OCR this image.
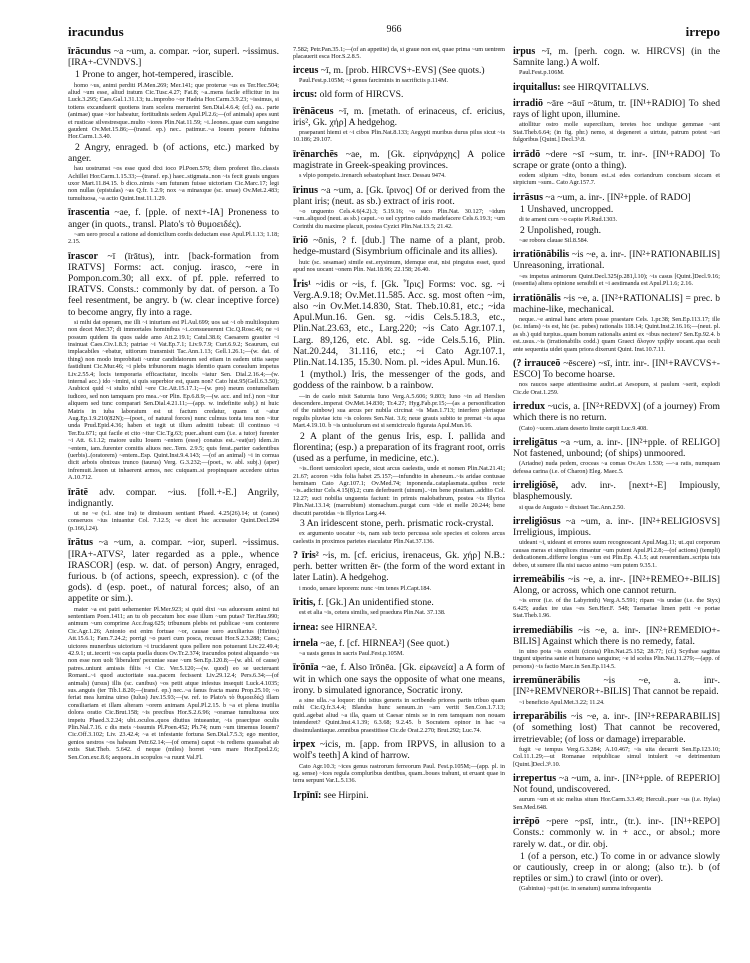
iracundus	966	irrepo
īrācundus ~a ~um, a. compar. ~ior, superl. ~issimus. [IRA+-CVNDVS.]
1 Prone to anger, hot-tempered, irascible.
homo ~us, animi perditi Pl.Men.269; Mer.141; que proterue ~us es Ter.Hec.504; aliud ~um esse, aliud iratum Cic.Tusc.4.27; Fat.8; ~a..mens facile efficitur in ira Luck.3.295; Caes.Gal.1.31.13; tu..improbo ~or Hadria Hor.Carm.3.9.23; ~issimus, si totiens excanduerit quotiens iram scelera meruerint Sen.Dial.4.6.4; (cf.) ea.. parte (animae) quae ~ior habeatur, fortitudinis sedem Apul.Pl.2.6;—(of animals) apes sunt et rusticae silvestresque..multo ~iores Plin.Nat.11.59; ~i..leones..quae cum sanguine gaudent Ov.Met.15.86;—(transf. ep.) nec.. patimur..~a Iouem ponere fulmina Hor.Carm.1.3.40.
2 Angry, enraged. b (of actions, etc.) marked by anger.
hau uostrumst ~os esse quod dixi ioco Pl.Poen.579; diem proferet Ilio..classis Achillei Hor.Carm.1.15.33;—(transf. ep.) haec..stigmata..non ~is fecit grauis ungues uxor Mart.11.84.15. b dico..nimis ~am futuram fuisse uictoriam Cic.Marc.17; legi non nullas (epistulas) ~as Q.fr. 1.2.9; nox ~a minaxque (sc. ursae) Ov.Met.2.483; tumultuosa, ~a actio Quint.Inst.11.1.29.
īrascentia ~ae, f. [pple. of next+-IA] Proneness to anger (in quots., transl. Plato's τὸ θυμοειδές).
~am uero procul a ratione ad domicilium cordis deductam esse Apul.Pl.1.13; 1.18; 2.15.
īrascor ~ī (īrātus), intr. [back-formation from IRATVS] Forms: act. conjug. irasco, ~ere in Pompon.com.30; all exx. of pf. pple. referred to IRATVS. Consts.: commonly by dat. of person. a To feel resentment, be angry. b (w. clear inceptive force) to become angry, fly into a rage.
si mihi dat operam, me illi ~i iniurium est Pl.Aul.699; uos sat ~i ob multiloquium non decet Mer.37; di immortales hominibus ~i..consueuerunt Cic.Q.Rosc.46; ne ~i possum quidem iis quos ualde amo Att.2.19.1; Catul.38.6; Caesarem grauiter ~i insinuat Caes.Civ.1.8.3; patriae ~i Vat.Ep.7.1; Liv.9.7.9; Curt.6.9.2; Scaurum, cui implacabiles ~ebatur, uitiorum transmisit Tac.Ann.1.13; Gell.1.26.1;—(w. dat. of thing) non modo improbitati ~untur candidatorum sed etiam in eadem uitia saepe fastidiunt Cic.Mur.46; ~i plebs tribunorum magis idemtio quam consulum impetus Liv.2.55.4; locis temporaria efficacitatur, incolis ~iatur Sen. Dial.2.16.4;—(w. internal acc.) ido ~imini, si quis superbior est, quam non? Cato hist.95(Gell.6.3.50); Arabicoi quid ~i stulto nihil ~ere Cic.Att.15.17.1;—(w. pro) meum contumeliam iudiceo, sed non tamquam pro mea..~or Plin. Ep.6.8.9;—(w. acc. and inf.) non ~itur aliquem sed tunc comparari Sen.Dial.4.21.11;—(app. w. indefinite subj.) ni huic Matris in iuba laboratum est ut factum credatur, quam ut ~atur Aug.Ep.1.9.210(82N);—(poet., of natural forces) nunc culmus tonta tera non ~itur unda Prud.Epid.4.36; haben et tegit ut illum admitti iubeat: ill continuo ~i Ter.Eu.671; qui facile et cito ~itur Cic.Tg.63; puer..ahunt cum (i.e. a tutor) furenter ~i Att. 6.1.12; maiore uultu Iouem ~entem (esse) conatus est..~eat(ur) idem..in ~entem, iam..furenter comitis aliuos nec..Tem. 2.9.5; quis ferat..pariter cadentibus (uerbis)..(oratorem) ~entem..Esp. Quint.Inst.9.4.143; —(of an animal) ~i in cornua dicit arbois obnixus trunco (taurus) Verg. G.3.232;—(poet., w. abl. subj.) (aper) infremuit..leuon ut inhaerent armos, nec cuiquam..si propinquare accedere uirtus A.10.712.
īrātē adv. compar. ~ius. [foll.+-E.] Angrily, indignantly.
ut ne ~e (v.l. sine ira) te dimissum sentiant Phaed. 4.25(26).14; ut (canes) conseruos ~ius intuantur Col. 7.12.5; ~e dicet hic accusator Quint.Decl.294 (p.166,l.24).
īrātus ~a ~um, a. compar. ~ior, superl. ~issimus. [IRA+-ATVS², later regarded as a pple., whence IRASCOR] (esp. w. dat. of person) Angry, enraged, furious. b (of actions, speech, expression). c (of the gods). d (esp. poet., of natural forces; also, of an appetite or sim.).
mater ~a est patri uehementer Pl.Mer.923; si quid dixi ~us aduorsum animi tui sententiam Poen.1411; an tu ob peccatum hoc esse illum ~um putas? Ter.Hau.990; animum ~um comprime Acc.frag.625; tribunum plebis rei publicae ~um conterere Cic.Agr.1.26; Antonio est enim fortuae ~or, causae uero auxiliarius (Hirtius) Att.15.6.1; Fam.7.24.2; porrigi ~o pueri cum posca, recusat Hor.S.2.3.288; Caes.; uictores muneribus uictorium ~i trucidarent quos pellere non potuerant Liv.22.49.4; 42.9.1; ut..tecerit ~os capta puella duces Ov.Tr.2.374; iracundos potest aliquando ~us non esse non uolt 'liberalem' pecuniae suae ~um Sen.Ep.120.8;—(w. abl. of cause) patres..uniunt amissis filiis ~i Cic. Ver.5.120;—(w. quod) eo se uecteruant Romani..~i quod auctoritate sua..pacem fecissent Liv.29.12.4; Pers.6.34;—(of animals) (ursus) illis (sc. canibus) ~os petit atque infestus insequit Luck.4.1035; sus..anguis (ter Tib.1.8.20;—(transf. ep.) nec..~a fanus fracta manu Prop.25.10; ~o feriat mea lumina uirso (Iulus) Juv.15.93;—(w. ref. to Plato's τὸ θυμοειδές) illam consiliariam et illam alteram ~orem animam Apul.Pl.2.15. b ~a et plena inutilia dolora oratio Cic.Brut.158; ~is precibus Hor.S.2.6.96; ~oramae tumultuosa uox impetu Phaed.3.2.24; ubi..oculos..quos diutius intueantur, ~is praecipue oculis Plin.Nal.7.16. c dis meis ~issumis Pl.Poen.452; Ph.74; num ~um timemus Iouem? Cic.Off.3.102; Liv. 23.42.4; ~a et infestante fortuna Sen.Dial.7.5.3; ego mentior, genios uestros ~os habeam Petr.62.14;—(of omens) caput ~is rediens quassabat ab extis Stat.Theb. 5.642. d neque (miles) horret ~um mare Hor.Epod.2.6; Sen.Con.exc.8.6; aequora..in scopulos ~a ruunt Val.Fl.
7.582; Petr.Pan.35.1;—(of an appetite) da, si graue non est, quae prima ~um uentrem placauerit esca Hor.S.2.8.5.
irceus ~ī, m. [prob. HIRCVS+-EVS] (See quots.)
Paul.Fest.p.105M; ~i genus farciminis in sacrificiis p.114M.
ircus: old form of HIRCVS.
īrēnāceus ~ī, m. [metath. of erinaceus, cf. ericius, iris², Gk. χήρ] A hedgehog.
praeparant hiemi et ~i cibos Plin.Nat.8.133; Aegypti muribus durus pilus sicut ~is 10.186; 29.107.
īrēnarchēs ~ae, m. [Gk. εἰρηνάρχης] A police magistrate in Greek-speaking provinces.
s vlpio pompeio..irenarch sebastophant Inscr. Dessau 9474.
īrinus ~a ~um, a. [Gk. ἴρινος] Of or derived from the plant iris; (neut. as sb.) extract of iris root.
~o unguento Cels.4.6(4.2).3; 5.19.16; ~o suco Plin.Nat. 30.127; ~idum ~um..aliquod (neut. as sb.) caput..~o uel cyprino calido madefacere Cels.6.19.3; ~um Corinthi diu maxime placuit, postea Cyzici Plin.Nat.13.5; 21.42.
īriō ~ōnis, ? f. [dub.] The name of a plant, prob. hedge-mustard (Sisymbrium officinale and its allies).
huic (sc. sesamae) simile est..erysimum, idemque erat, nisi pinguius esset, quod apud nos uocant ~onem Plin. Nat.18.96; 22.158; 26.40.
Īris¹ ~idis or ~is, f. [Gk. Ἶρις] Forms: voc. sg. ~i Verg.A.9.18; Ov.Met.11.585. Acc. sg. most often ~im, also ~in Ov.Met.14.830, Stat. Theb.10.81, etc.; ~ida Apul.Mun.16. Gen. sg. ~idis Cels.5.18.3, etc., Plin.Nat.23.63, etc., Larg.220; ~is Cato Agr.107.1, Larg. 89,126, etc. Abl. sg. ~ide Cels.5.16, Plin. Nat.20.244, 31.116, etc.; ~i Cato Agr.107.1, Plin.Nat.14.135, 15.30. Nom. pl. ~ides Apul. Mun.16.
1 (mythol.) Iris, the messenger of the gods, and goddess of the rainbow. b a rainbow.
—in de caelo misit Saturnia Iuno Verg.A.5.606; 9.803; Iuno ~in ad Herslien descendere..imperat Ov.Met.14.830; Tr.4.27; Hyg.Fab.pr.15;—(as a personification of the rainbow) sua arcus per nubila circinat ~is Man.1.713; interfero plerisque regulis pluviae ictu ~is colores Sen.Nat. 3.6; neue grauis subito te premat ~is aqua Mart.4.19.10. b ~is uniuolurum est si semicirculo figurata Apul.Mun.16.
2 A plant of the genus Iris, esp. I. pallida and florentina; (esp.) a preparation of its fragrant root, orris (used as a perfume, in medicine, etc.).
~is..floret uersicolori specie, sicut arcus caelestis, unde et nomen Plin.Nat.21.41; 21.67; acoron ~idis folia habet 25.157;—infundito in aheneum..~is aridae contusae heminam Cato Agr.107.1; Ov.Med.74; inponenda..cataplasmata..quibus recte ~is..adicitur Cels.4.15(8).2; cum deferbuerit (uinum)..~im bene pinsitam..addito Col. 12.27; suci nobilia unguenta faciunt: in primis malobathrum, postea ~is Illyrica Plin.Nat.13.14; (marrubium) stomachum..purgat cum ~ide et melle 20.244; bene discutit parotidas ~is Illyrica Larg.44.
3 An iridescent stone, perh. prismatic rock-crystal.
ex argumento uocatur ~is, nam sub tecto percussa sole species et colores arcus caelestis in proximos parietes eiaculatur Plin.Nat.37.136.
? īris² ~is, m. [cf. ericius, irenaceus, Gk. χήρ] N.B.: perh. better written ēr- (the form of the word extant in later Latin). A hedgehog.
i modo, uenare leporem: nunc ~im tenes Pl.Capt.184.
īritis, f. [Gk.] An unidentified stone.
est et alia ~is, cetera similis, sed praedura Plin.Nat. 37.138.
irnea: see HIRNEA².
irnela ~ae, f. [cf. HIRNEA²] (See quot.)
~a uasis genus in sacris Paul.Fest.p.105M.
īrōnīa ~ae, f. Also īrōnēa. [Gk. εἰρωνεία] a A form of wit in which one says the opposite of what one means, irony. b simulated ignorance, Socratic irony.
a sine ulla..~a loquor: tibi istius generis in scribendo priores partis tribuo quam mihi Cic.Q.fr.3.4.4; Blandus hunc sensum..in ~am vertit Sen.Con.1.7.13; quid..agebat aliud ~a illa, quam ut Caesar nimis se in rem tamquam non nouam intenderet? Quint.Inst.4.1.39; 6.3.68; 9.2.45. b Socratem opinor in hac ~a dissimulantiaque..omnibus praestitisse Cic.de Orat.2.270; Brut.292; Luc.74.
irpex ~icis, m. [app. from IRPVS, in allusion to a wolf's teeth] A kind of harrow.
Cato Agr.10.3; ~ices genus rastrorum ferreorum Paul. Fest.p.105M;—(app. pl. in sg. sense) ~ices regula compluribus dentibus, quam..boues trahunt, ut eruant quae in terra serpunt Var.L.5.136.
Irpīnī: see Hirpini.
irpus ~ī, m. [perh. cogn. w. HIRCVS] (in the Samnite lang.) A wolf.
Paul.Fest.p.106M.
irquitallus: see HIRQVITALLVS.
irradiō ~āre ~āuī ~ātum, tr. [IN¹+RADIO] To shed rays of light upon, illumine.
attollitur ostro molle supercilium, teretes hoc undique gemmae ~ant Stat.Theb.6.64; (in fig. phr.) nemo, si degeneret a uirtute, patrum potest ~ari fulgoribus [Quint.] Decl.3ᵇ.8.
irrādō ~dere ~sī ~sum, tr. inr-. [IN¹+RADO] To scrape or grate (onto a thing).
eodem silpium ~dito, bonum est..si edes coriandrum concisum siccam et sirpicium ~sum.. Cato Agr.157.7.
irrāsus ~a ~um, a. inr-. [IN²+pple. of RADO]
1 Unshaved, uncropped.
di te ament cum ~o capite Pl.Rud.1303.
2 Unpolished, rough.
~ae robora clauae Sil.8.584.
irratiōnābilis ~is ~e, a. inr-. [IN²+RATIONABILIS] Unreasoning, irrational.
~es impetus animorum Quint.Decl.325(p.281,l.10); ~is casus [Quint.]Decl.9.16; (essentia) altera opinione sensibili et ~i aestimanda est Apul.Pl.1.6; 2.16.
irratiōnālis ~is ~e, a. [IN²+RATIONALIS] = prec. b machine-like, mechanical.
neque..~e animal hanc artem posse praestare Cels. 1.pr.38; Sen.Ep.113.17; ille (sc. infans) ~is est, hic (sc. pubes) rationalis 118.14; Quint.Inst.2.16.16;—(neut. pl. as sb.) quid turpius..quam bonum rationalis animi ex ~ibus nectere? Sen.Ep.92.4. b est..usus..~is (irrationabilis codd.) quam Graeci ἄλογον τριβήν uocant..qua oculi ante sequentia uidet quam priora dixerunt Quint. Inst.10.7.11.
(? irrauceō ~ēscere) ~sī, intr. inr-. [IN¹+RAVCVS+-ESCO] To become hoarse.
nos raucos saepe attentissime audiri..at Aesopum, si paulum ~serit, explodi Cic.de Orat.1.259.
irredux ~ucis, a. [IN²+REDVX] (of a journey) From which there is no return.
(Cato) ~ucem..uiam deserto limite carpit Luc.9.408.
irreligātus ~a ~um, a. inr-. [IN²+pple. of RELIGO] Not fastened, unbound; (of ships) unmoored.
(Ariadne) nuda pedem, croceas ~a comas Ov.Ars 1.530; —~a ratis, numquam defessa carina (i.e. of Charon) Eleg. Maec.5.
irreligiōsē, adv. inr-. [next+-E] Impiously, blasphemously.
si qua de Augusto ~ dixisset Tac.Ann.2.50.
irreligiōsus ~a ~um, a. inr-. [IN²+RELIGIOSVS] Irreligious, impious.
uideant ~i, uideant et errores suum recognoscant Apul.Mag.11; ut..qui corporum causas meras et simplices rimantur ~um putent Apul.Pl.2.8;—(of actions) (templi) dedicationem..differre longius ~um est Plin.Ep. 4.1.5; aut reuerentiam..scripta tuis debeo, ut sumere illa nisi uacuo animo ~um putem 9.35.1.
irremeābilis ~is ~e, a. inr-. [IN²+REMEO+-BILIS] Along, or across, which one cannot return.
~is error (i.e. of the Labyrinth) Verg.A.5.591; ripam ~is undae (i.e. the Styx) 6.425; audax ire uias ~es Sen.Her.F. 548; Taenariae limen petit ~e portae Stat.Theb.1.96.
irremediābilis ~is ~e, a. inr-. [IN²+REMEDIO+-BILIS] Against which there is no remedy, fatal.
in uino pota ~is existit (cicuta) Plin.Nat.25.152; 28.77; (cf.) Scythae sagittas tingunt uiperina sanie et humano sanguine; ~e id scelus Plin.Nat.11.279;—(app. of persons) ~is factio Marc.in Sen.Ep.114.5.
irremūnerābilis ~is ~e, a. inr-. [IN²+REMVNEROR+-BILIS] That cannot be repaid.
~i beneficio Apul.Met.3.22; 11.24.
irreparābilis ~is ~e, a. inr-. [IN²+REPARABILIS] (of something lost) That cannot be recovered, irretrievable; (of loss or damage) irreparable.
fugit ~e tempus Verg.G.3.284; A.10.467; ~is uita decurrit Sen.Ep.123.10; Col.11.1.29;—ut Romanae reipublicae simul intulerit ~e detrimentum [Quint.]Decl.3ᵇ.10.
irrepertus ~a ~um, a. inr-. [IN²+pple. of REPERIO] Not found, undiscovered.
aurum ~um et sic melius situm Hor.Carm.3.3.49; Herculi..puer ~us (i.e. Hylas) Sen.Med.648.
irrēpō ~pere ~psī, intr., (tr.). inr-. [IN¹+REPO] Consts.: commonly w. in + acc., or absol.; more rarely w. dat., or dir. obj.
1 (of a person, etc.) To come in or advance slowly or cautiously, creep in or along; (also tr.). b (of reptiles or sim.) to crawl (into or over).
(Gabinius) ~psit (sc. in senatum) summa infrequentia
